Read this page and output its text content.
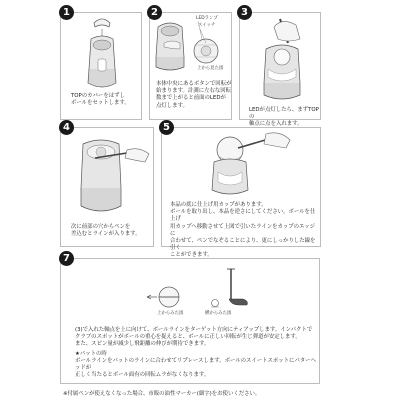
1
TOPのカバーをはずし
ボールをセットします。
2
LEDランプ
スイッチ
上から見た図
本体中央にあるボタンで回転が
始まります。計測に左右な回転
数まで上がると前面のLEDが
点灯します。
3
LEDが点灯したら、まずTOPの
軸点に点を入れます。
4
次に前部の穴からペンを
差込むとラインが入ります。
5
本品の底に仕上げ用カップがあります。
ボールを取り出し、本品を逆さにしてください。ボールを仕上げ
用カップへ移動させて上図で引いたラインをカップのエッジに
合わせて、ペンでなぞることにより、更にしっかりした線を引く
ことができます。
7
上からみた図	横からみた図
(3)で入れた軸点を上に向けて、ボールラインをターゲット方向にティアップします。インパクトで
クラブのスポットがボールの重心を捉えると、ボールに正しい回転が生じ弾道が安定します。
また、スピン量が減少し飛距離の伸びが期待できます。
★パットの時
ボールラインをパットのラインに合わせてリプレースします。ボールのスイートスポットにパターヘッドが
正しく当たるとボール面有の回転ムラがなくなります。
※付属ペンが使えなくなった場合、市販の油性マーカー(細字)をお使いください。
